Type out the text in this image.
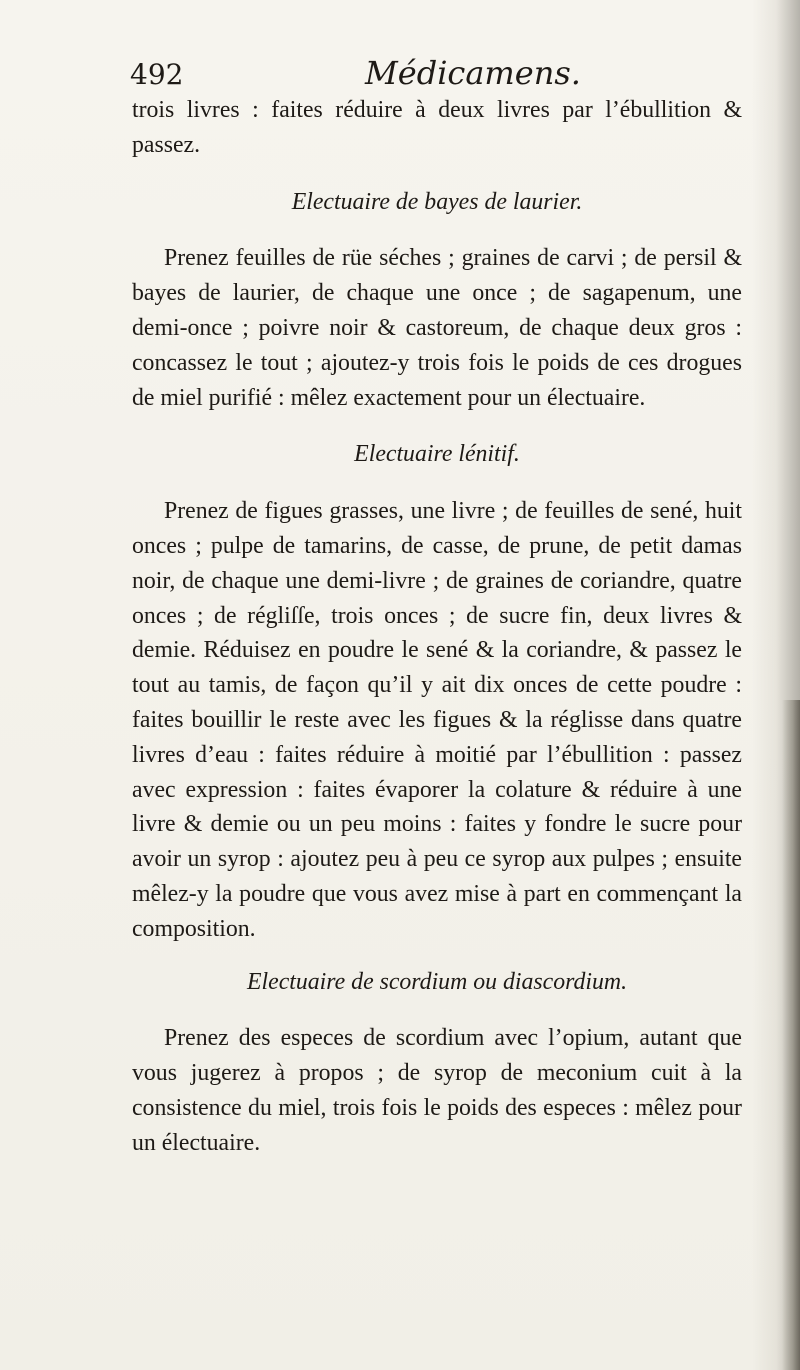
492	Médicamens.

trois livres : faites réduire à deux livres par l’ébullition & passez.

Electuaire de bayes de laurier.

Prenez feuilles de rüe séches ; graines de carvi ; de persil & bayes de laurier, de chaque une once ; de sagapenum, une demi-once ; poivre noir & castoreum, de chaque deux gros : concassez le tout ; ajoutez-y trois fois le poids de ces drogues de miel purifié : mêlez exactement pour un électuaire.

Electuaire lénitif.

Prenez de figues grasses, une livre ; de feuilles de sené, huit onces ; pulpe de tamarins, de casse, de prune, de petit damas noir, de chaque une demi-livre ; de graines de coriandre, quatre onces ; de régliſſe, trois onces ; de sucre fin, deux livres & demie. Réduisez en poudre le sené & la coriandre, & passez le tout au tamis, de façon qu’il y ait dix onces de cette poudre : faites bouillir le reste avec les figues & la réglisse dans quatre livres d’eau : faites réduire à moitié par l’ébullition : passez avec expression : faites évaporer la colature & réduire à une livre & demie ou un peu moins : faites y fondre le sucre pour avoir un syrop : ajoutez peu à peu ce syrop aux pulpes ; ensuite mêlez-y la poudre que vous avez mise à part en commençant la composition.

Electuaire de scordium ou diascordium.

Prenez des especes de scordium avec l’opium, autant que vous jugerez à propos ; de syrop de meconium cuit à la consistence du miel, trois fois le poids des especes : mêlez pour un électuaire.
